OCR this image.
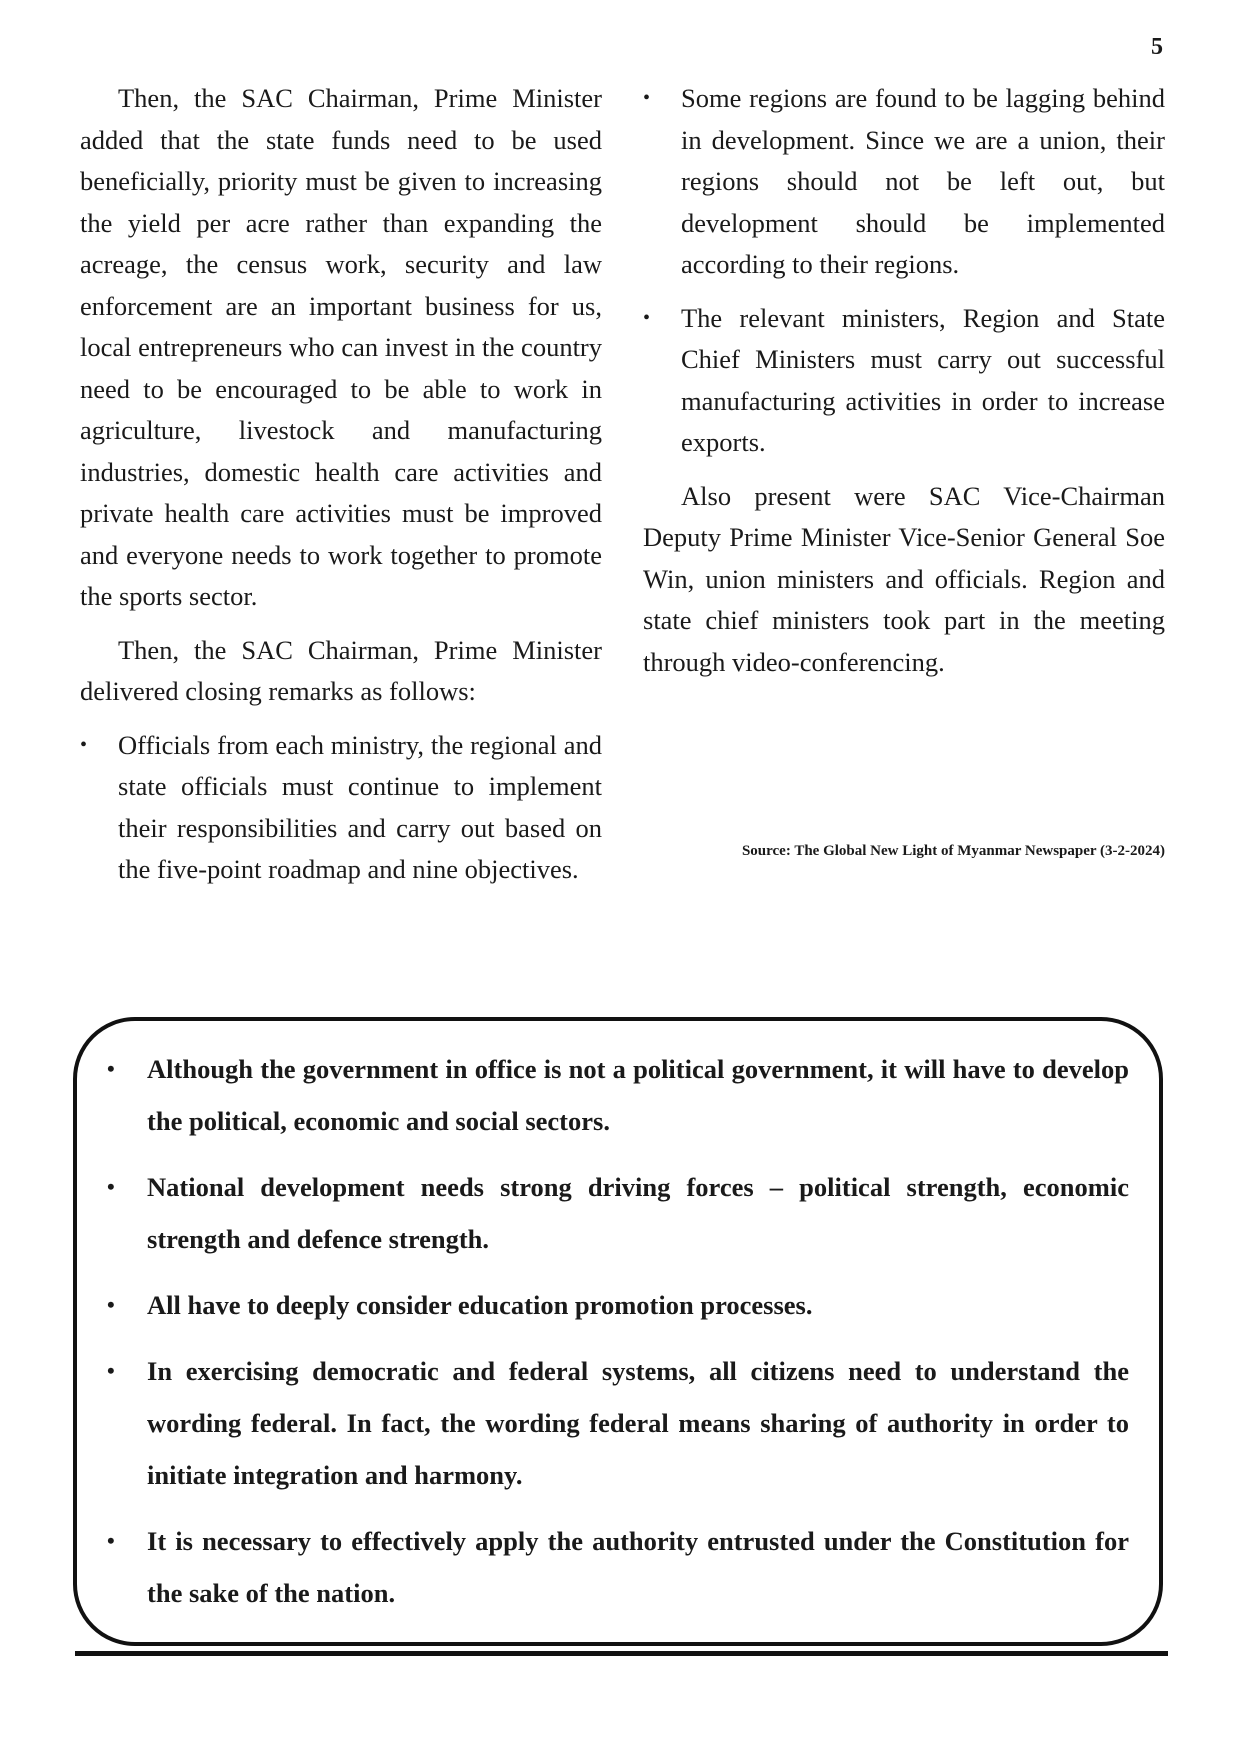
5

Then, the SAC Chairman, Prime Minister added that the state funds need to be used beneficially, priority must be given to increasing the yield per acre rather than expanding the acreage, the census work, security and law enforcement are an important business for us, local entrepreneurs who can invest in the country need to be encouraged to be able to work in agriculture, livestock and manufacturing industries, domestic health care activities and private health care activities must be improved and everyone needs to work together to promote the sports sector.

Then, the SAC Chairman, Prime Minister delivered closing remarks as follows:

•	Officials from each ministry, the regional and state officials must continue to implement their responsibilities and carry out based on the five-point roadmap and nine objectives.
•	Some regions are found to be lagging behind in development. Since we are a union, their regions should not be left out, but development should be implemented according to their regions.
•	The relevant ministers, Region and State Chief Ministers must carry out successful manufacturing activities in order to increase exports.

Also present were SAC Vice-Chairman Deputy Prime Minister Vice-Senior General Soe Win, union ministers and officials. Region and state chief ministers took part in the meeting through video-conferencing.

Source: The Global New Light of Myanmar Newspaper (3-2-2024)
•	Although the government in office is not a political government, it will have to develop the political, economic and social sectors.
•	National development needs strong driving forces – political strength, economic strength and defence strength.
•	All have to deeply consider education promotion processes.
•	In exercising democratic and federal systems, all citizens need to understand the wording federal. In fact, the wording federal means sharing of authority in order to initiate integration and harmony.
•	It is necessary to effectively apply the authority entrusted under the Constitution for the sake of the nation.
